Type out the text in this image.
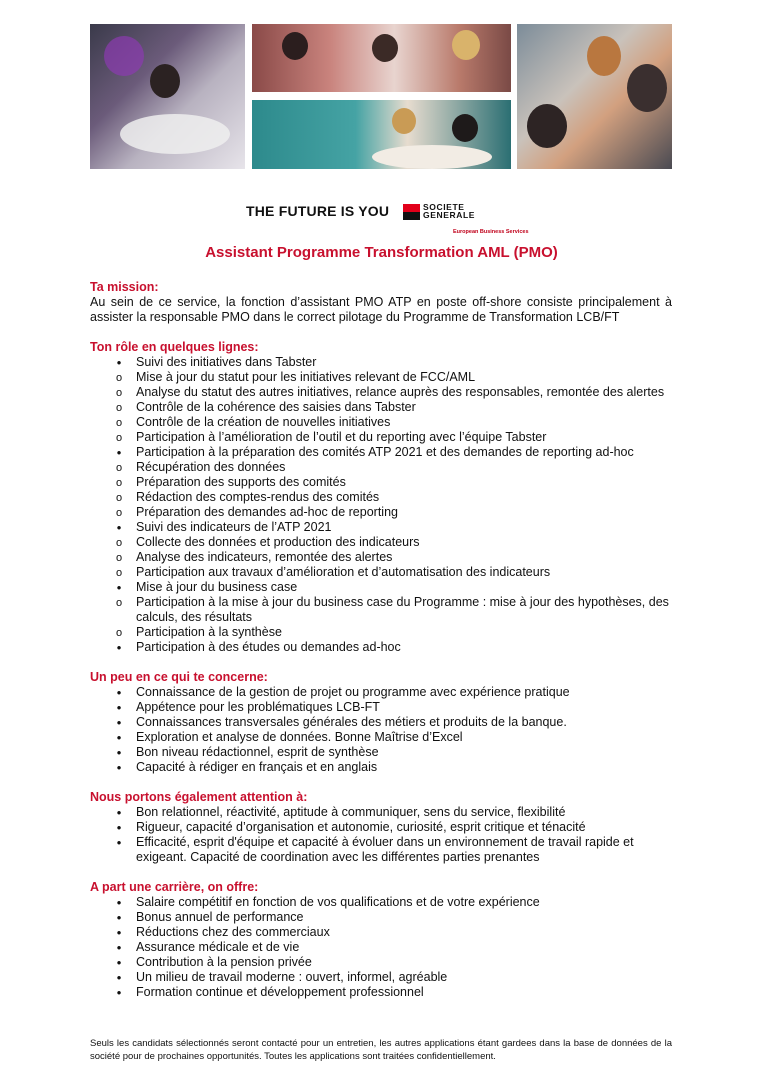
THE FUTURE IS YOU	SOCIETE
GENERALE
European Business Services
Assistant Programme Transformation AML (PMO)

Ta mission:

Au sein de ce service, la fonction d’assistant PMO ATP en poste off-shore consiste principalement à assister la responsable PMO dans le correct pilotage du Programme de Transformation LCB/FT

Ton rôle en quelques lignes:

•
Suivi des initiatives dans Tabster
o
Mise à jour du statut pour les initiatives relevant de FCC/AML
o
Analyse du statut des autres initiatives, relance auprès des responsables, remontée des alertes
o
Contrôle de la cohérence des saisies dans Tabster
o
Contrôle de la création de nouvelles initiatives
o
Participation à l’amélioration de l’outil et du reporting avec l’équipe Tabster
•
Participation à la préparation des comités ATP 2021 et des demandes de reporting ad-hoc
o
Récupération des données
o
Préparation des supports des comités
o
Rédaction des comptes-rendus des comités
o
Préparation des demandes ad-hoc de reporting
•
Suivi des indicateurs de l’ATP 2021
o
Collecte des données et production des indicateurs
o
Analyse des indicateurs, remontée des alertes
o
Participation aux travaux d’amélioration et d’automatisation des indicateurs
•
Mise à jour du business case
o
Participation à la mise à jour du business case du Programme : mise à jour des hypothèses, des calculs, des résultats
o
Participation à la synthèse
•
Participation à des études ou demandes ad-hoc

Un peu en ce qui te concerne:

•
Connaissance de la gestion de projet ou programme avec expérience pratique
•
Appétence pour les problématiques LCB-FT
•
Connaissances transversales générales des métiers et produits de la banque.
•
Exploration et analyse de données. Bonne Maîtrise d’Excel
•
Bon niveau rédactionnel, esprit de synthèse
•
Capacité à rédiger en français et en anglais

Nous portons également attention à:

•
Bon relationnel, réactivité, aptitude à communiquer, sens du service, flexibilité
•
Rigueur, capacité d’organisation et autonomie, curiosité, esprit critique et ténacité
•
Efficacité, esprit d'équipe et capacité à évoluer dans un environnement de travail rapide et exigeant. Capacité de coordination avec les différentes parties prenantes

A part une carrière, on offre:

•
Salaire compétitif en fonction de vos qualifications et de votre expérience
•
Bonus annuel de performance
•
Réductions chez des commerciaux
•
Assurance médicale et de vie
•
Contribution à la pension privée
•
Un milieu de travail moderne : ouvert, informel, agréable
•
Formation continue et développement professionnel
Seuls les candidats sélectionnés seront contacté pour un entretien, les autres applications étant gardees dans la base de données de la société pour de prochaines opportunités. Toutes les applications sont traitées confidentiellement.
